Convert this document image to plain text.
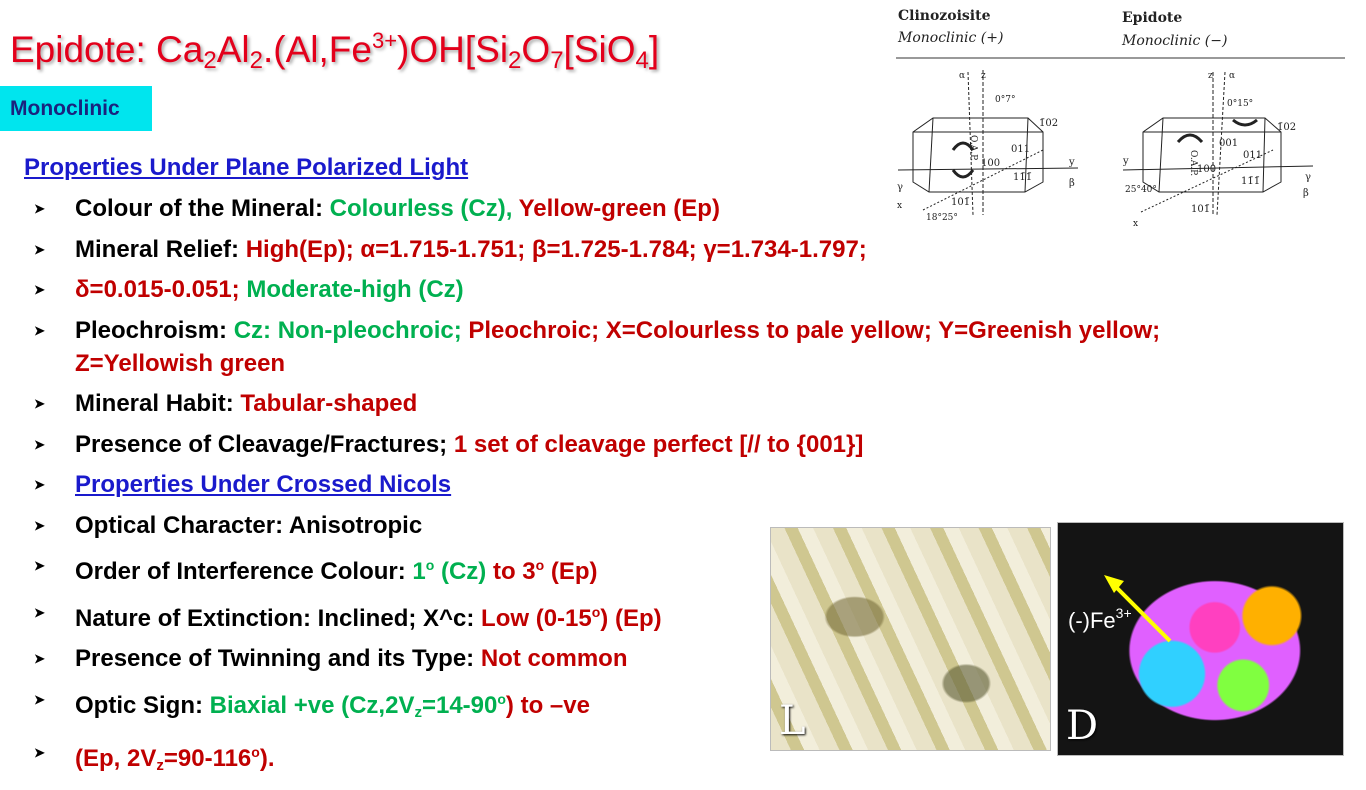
Epidote: $Ca_2Al_2.(Al,Fe^{3+})OH[Si_2O_7[SiO_4]$
Monoclinic
Properties Under Plane Polarized Light
➤ Colour of the Mineral: Colourless (Cz), Yellow-green (Ep)
➤ Mineral Relief: High(Ep); α=1.715-1.751; β=1.725-1.784; γ=1.734-1.797;
➤ δ=0.015-0.051; Moderate-high (Cz)
➤ Pleochroism: Cz: Non-pleochroic; Pleochroic; X=Colourless to pale yellow; Y=Greenish yellow; Z=Yellowish green
➤ Mineral Habit: Tabular-shaped
➤ Presence of Cleavage/Fractures; 1 set of cleavage perfect [// to {001}]
➤ Properties Under Crossed Nicols
➤ Optical Character: Anisotropic
➤ Order of Interference Colour: 1$^o$ (Cz) to 3$^o$ (Ep)
➤ Nature of Extinction: Inclined; X^c: Low (0-15$^o$) (Ep)
➤ Presence of Twinning and its Type: Not common
➤ Optic Sign: Biaxial +ve $(Cz,2V_z=14-90^o)$ to –ve
➤ (Ep, $2V_z=90-116^o$).
Clinozoisite
Monoclinic (+)
Epidote
Monoclinic (−)
α z
0°7°
1̄02
011
100
11̄1̄
101̄
18°25°
y
β
γ
x
O.A.P.
z α
0°15°
1̄02
001
011
100
11̄1̄
101̄
25°40°
y
γ
β
x
O.A.P.
L
$(-)Fe^{3+}$
D
